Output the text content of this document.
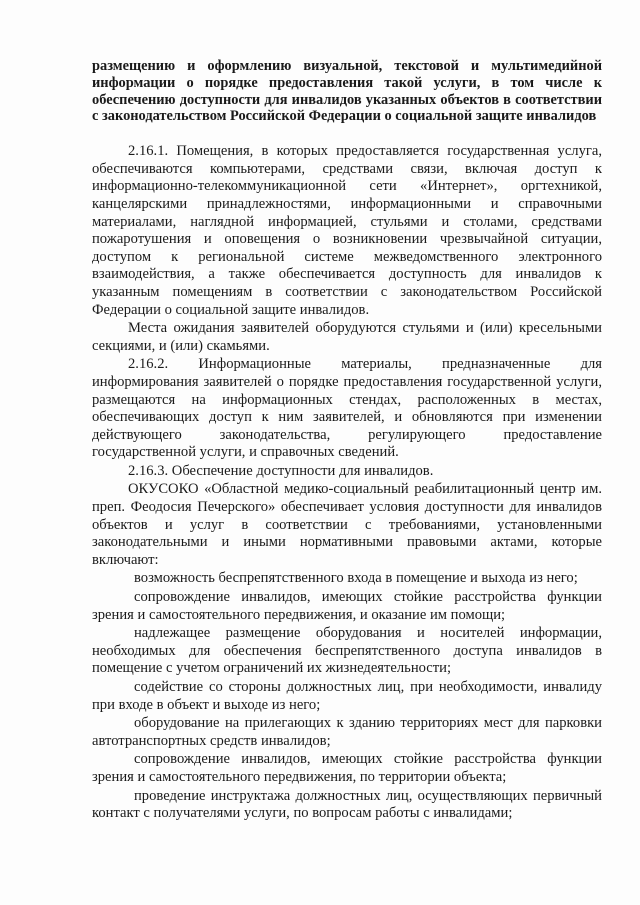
размещению и оформлению визуальной, текстовой и мультимедийной информации о порядке предоставления такой услуги, в том числе к обеспечению доступности для инвалидов указанных объектов в соответствии с законодательством Российской Федерации о социальной защите инвалидов

2.16.1. Помещения, в которых предоставляется государственная услуга, обеспечиваются компьютерами, средствами связи, включая доступ к информационно-телекоммуникационной сети «Интернет», оргтехникой, канцелярскими принадлежностями, информационными и справочными материалами, наглядной информацией, стульями и столами, средствами пожаротушения и оповещения о возникновении чрезвычайной ситуации, доступом к региональной системе межведомственного электронного взаимодействия, а также обеспечивается доступность для инвалидов к указанным помещениям в соответствии с законодательством Российской Федерации о социальной защите инвалидов.

Места ожидания заявителей оборудуются стульями и (или) кресельными секциями, и (или) скамьями.

2.16.2. Информационные материалы, предназначенные для информирования заявителей о порядке предоставления государственной услуги, размещаются на информационных стендах, расположенных в местах, обеспечивающих доступ к ним заявителей, и обновляются при изменении действующего законодательства, регулирующего предоставление государственной услуги, и справочных сведений.

2.16.3. Обеспечение доступности для инвалидов.

ОКУСОКО «Областной медико-социальный реабилитационный центр им. преп. Феодосия Печерского» обеспечивает условия доступности для инвалидов объектов и услуг в соответствии с требованиями, установленными законодательными и иными нормативными правовыми актами, которые включают:

возможность беспрепятственного входа в помещение и выхода из него;

сопровождение инвалидов, имеющих стойкие расстройства функции зрения и самостоятельного передвижения, и оказание им помощи;

надлежащее размещение оборудования и носителей информации, необходимых для обеспечения беспрепятственного доступа инвалидов в помещение с учетом ограничений их жизнедеятельности;

содействие со стороны должностных лиц, при необходимости, инвалиду при входе в объект и выходе из него;

оборудование на прилегающих к зданию территориях мест для парковки автотранспортных средств инвалидов;

сопровождение инвалидов, имеющих стойкие расстройства функции зрения и самостоятельного передвижения, по территории объекта;

проведение инструктажа должностных лиц, осуществляющих первичный контакт с получателями услуги, по вопросам работы с инвалидами;
